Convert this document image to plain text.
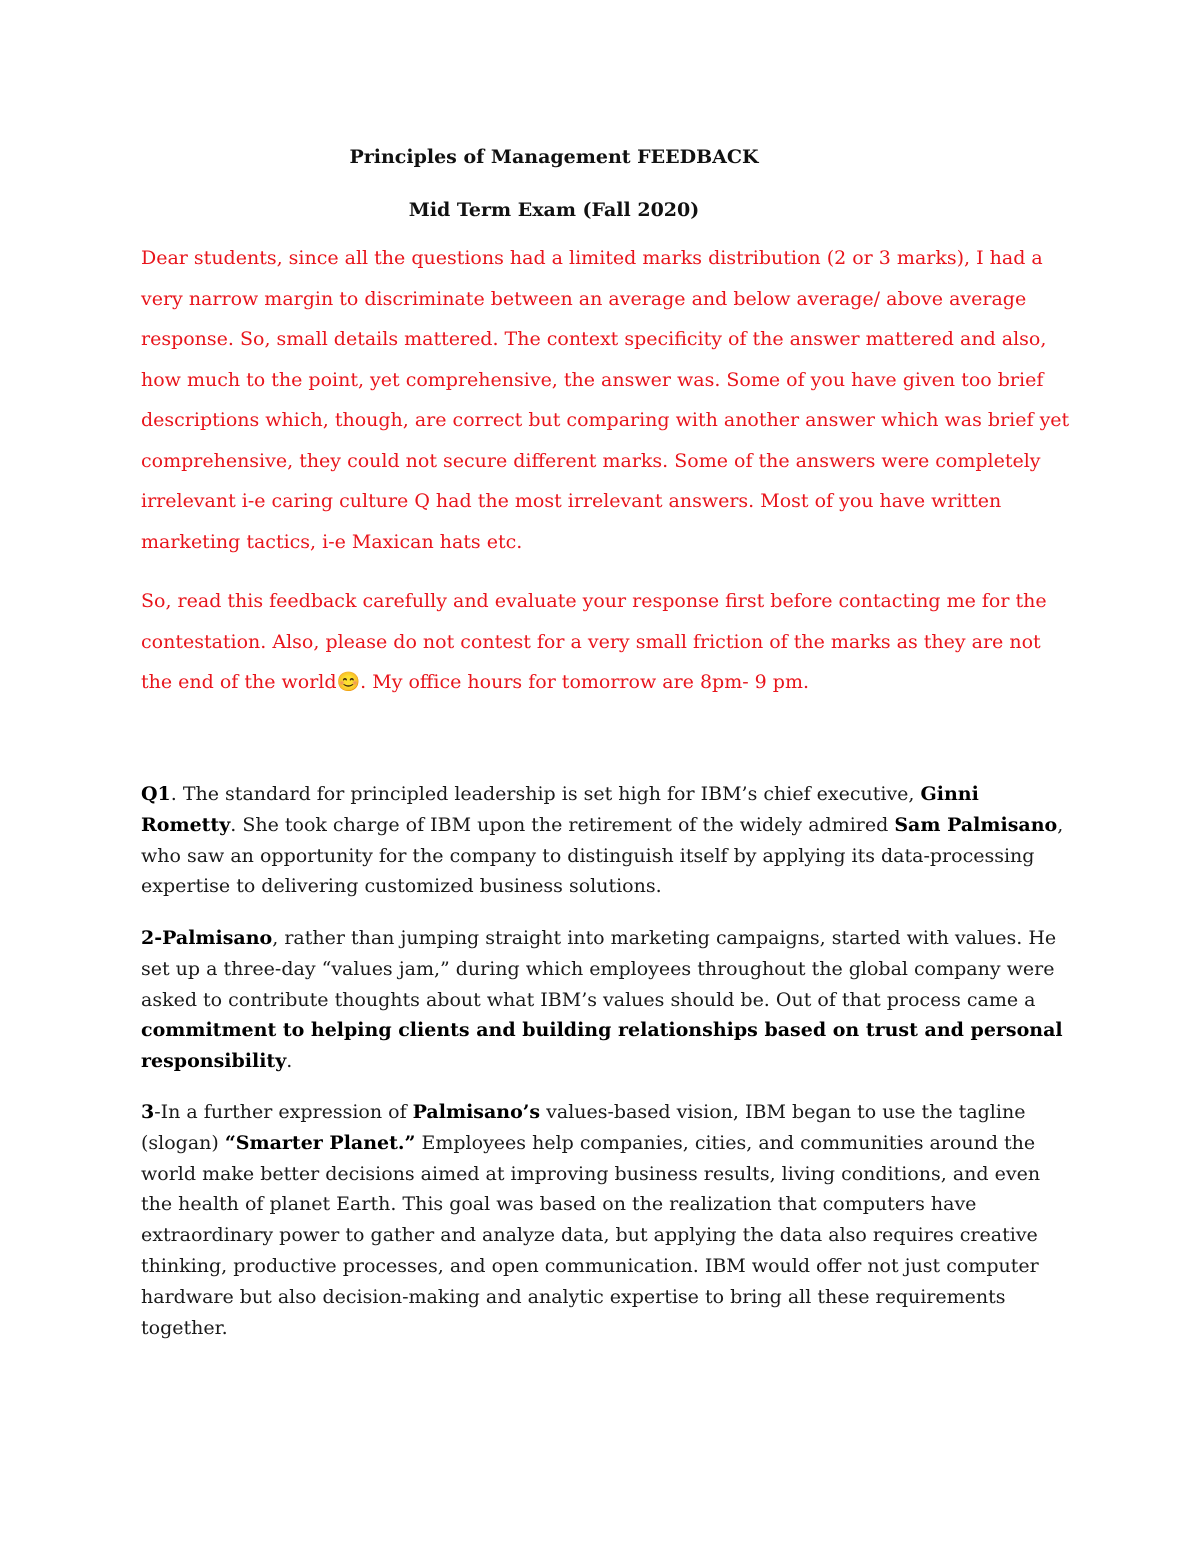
Principles of Management FEEDBACK
Mid Term Exam (Fall 2020)

Dear students, since all the questions had a limited marks distribution (2 or 3 marks), I had a very narrow margin to discriminate between an average and below average/ above average response. So, small details mattered. The context specificity of the answer mattered and also, how much to the point, yet comprehensive, the answer was. Some of you have given too brief descriptions which, though, are correct but comparing with another answer which was brief yet comprehensive, they could not secure different marks. Some of the answers were completely irrelevant i-e caring culture Q had the most irrelevant answers. Most of you have written marketing tactics, i-e Maxican hats etc.

So, read this feedback carefully and evaluate your response first before contacting me for the contestation. Also, please do not contest for a very small friction of the marks as they are not the end of the world😊. My office hours for tomorrow are 8pm- 9 pm.

Q1. The standard for principled leadership is set high for IBM’s chief executive, Ginni Rometty. She took charge of IBM upon the retirement of the widely admired Sam Palmisano, who saw an opportunity for the company to distinguish itself by applying its data-processing expertise to delivering customized business solutions.

2-Palmisano, rather than jumping straight into marketing campaigns, started with values. He set up a three-day “values jam,” during which employees throughout the global company were asked to contribute thoughts about what IBM’s values should be. Out of that process came a commitment to helping clients and building relationships based on trust and personal responsibility.

3-In a further expression of Palmisano’s values-based vision, IBM began to use the tagline (slogan) “Smarter Planet.” Employees help companies, cities, and communities around the world make better decisions aimed at improving business results, living conditions, and even the health of planet Earth. This goal was based on the realization that computers have extraordinary power to gather and analyze data, but applying the data also requires creative thinking, productive processes, and open communication. IBM would offer not just computer hardware but also decision-making and analytic expertise to bring all these requirements together.
